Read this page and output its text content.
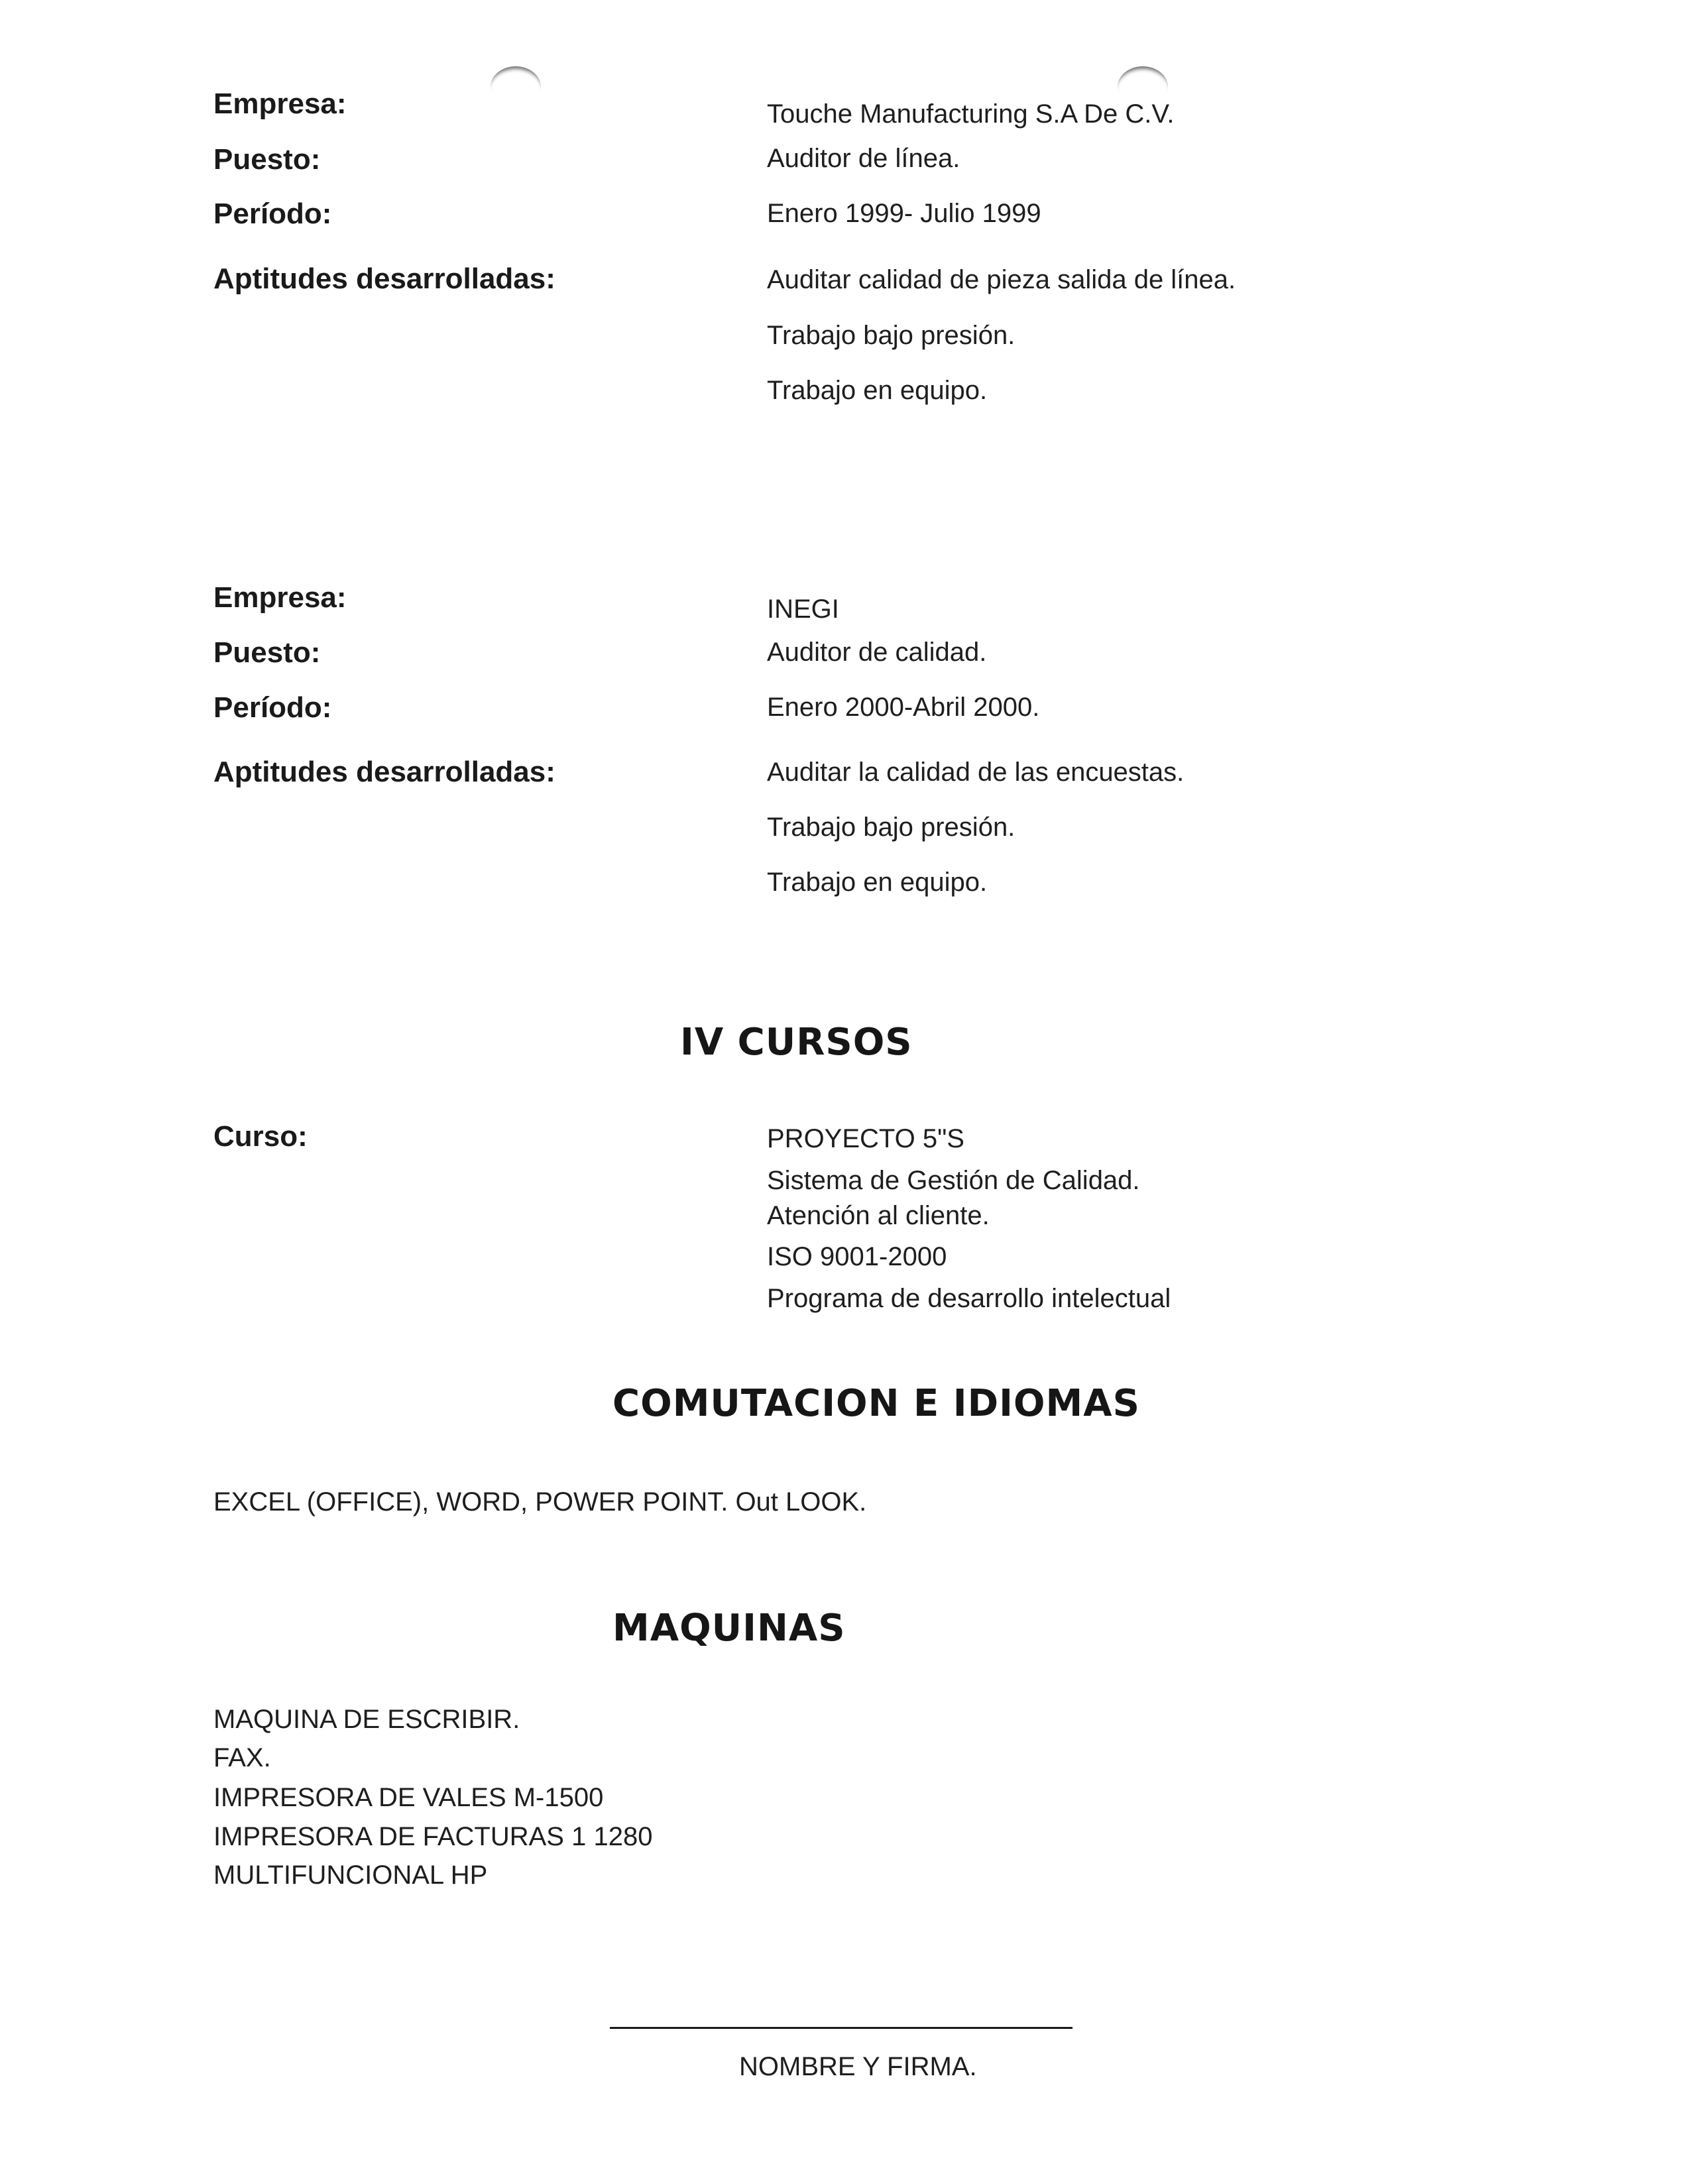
Empresa:	Touche Manufacturing S.A De C.V.
Puesto:	Auditor de línea.
Período:	Enero 1999- Julio 1999
Aptitudes desarrolladas:	Auditar calidad de pieza salida de línea.
Trabajo bajo presión.
Trabajo en equipo.
Empresa:	INEGI
Puesto:	Auditor de calidad.
Período:	Enero 2000-Abril 2000.
Aptitudes desarrolladas:	Auditar la calidad de las encuestas.
Trabajo bajo presión.
Trabajo en equipo.
IV CURSOS
Curso:	PROYECTO 5"S
Sistema de Gestión de Calidad.
Atención al cliente.
ISO 9001-2000
Programa de desarrollo intelectual
COMUTACION E IDIOMAS
EXCEL (OFFICE), WORD, POWER POINT. Out LOOK.
MAQUINAS
MAQUINA DE ESCRIBIR.
FAX.
IMPRESORA DE VALES M-1500
IMPRESORA DE FACTURAS 1 1280
MULTIFUNCIONAL HP
NOMBRE Y FIRMA.
